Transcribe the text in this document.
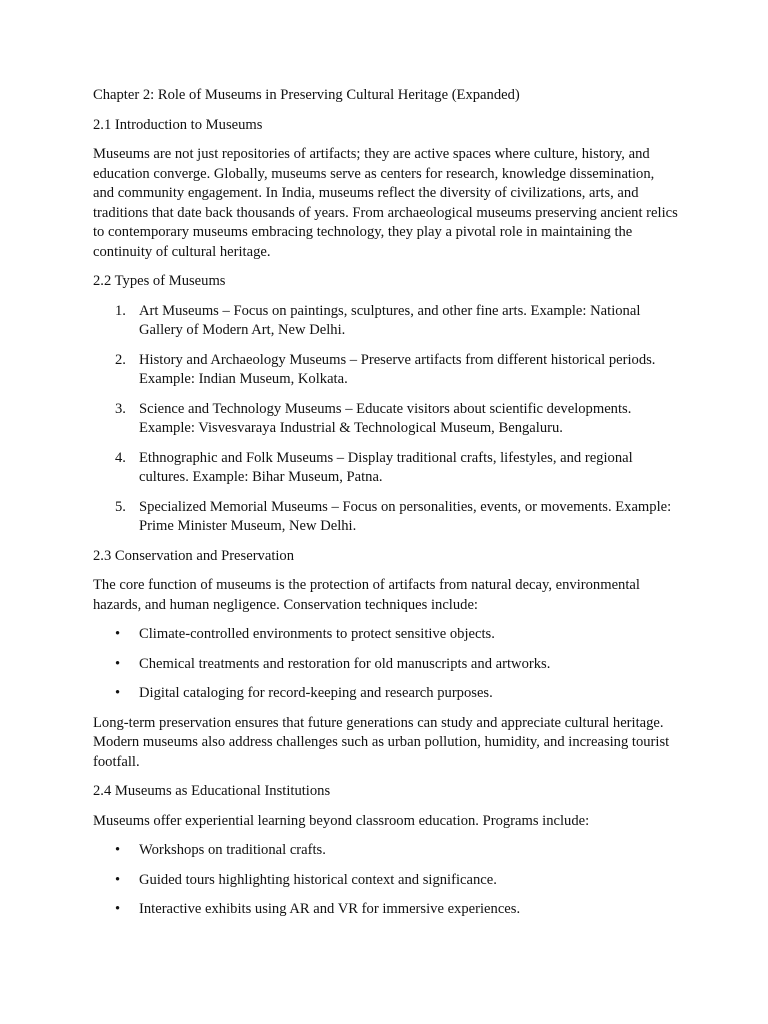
Chapter 2: Role of Museums in Preserving Cultural Heritage (Expanded)

2.1 Introduction to Museums

Museums are not just repositories of artifacts; they are active spaces where culture, history, and education converge. Globally, museums serve as centers for research, knowledge dissemination, and community engagement. In India, museums reflect the diversity of civilizations, arts, and traditions that date back thousands of years. From archaeological museums preserving ancient relics to contemporary museums embracing technology, they play a pivotal role in maintaining the continuity of cultural heritage.

2.2 Types of Museums

1. Art Museums – Focus on paintings, sculptures, and other fine arts. Example: National Gallery of Modern Art, New Delhi.
2. History and Archaeology Museums – Preserve artifacts from different historical periods. Example: Indian Museum, Kolkata.
3. Science and Technology Museums – Educate visitors about scientific developments. Example: Visvesvaraya Industrial & Technological Museum, Bengaluru.
4. Ethnographic and Folk Museums – Display traditional crafts, lifestyles, and regional cultures. Example: Bihar Museum, Patna.
5. Specialized Memorial Museums – Focus on personalities, events, or movements. Example: Prime Minister Museum, New Delhi.

2.3 Conservation and Preservation

The core function of museums is the protection of artifacts from natural decay, environmental hazards, and human negligence. Conservation techniques include:

• Climate-controlled environments to protect sensitive objects.
• Chemical treatments and restoration for old manuscripts and artworks.
• Digital cataloging for record-keeping and research purposes.

Long-term preservation ensures that future generations can study and appreciate cultural heritage. Modern museums also address challenges such as urban pollution, humidity, and increasing tourist footfall.

2.4 Museums as Educational Institutions

Museums offer experiential learning beyond classroom education. Programs include:

• Workshops on traditional crafts.
• Guided tours highlighting historical context and significance.
• Interactive exhibits using AR and VR for immersive experiences.
